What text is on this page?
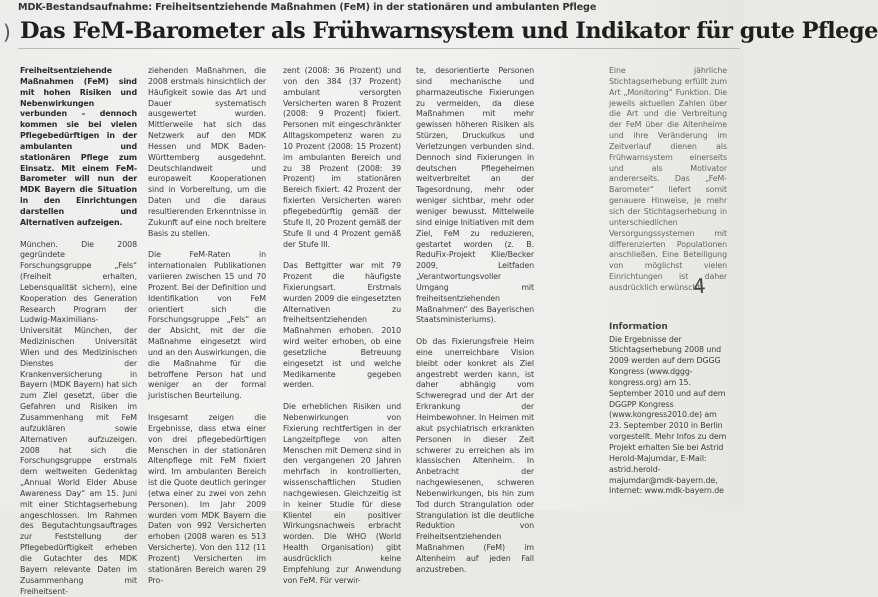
MDK-Bestandsaufnahme: Freiheitsentziehende Maßnahmen (FeM) in der stationären und ambulanten Pflege
) Das FeM-Barometer als Frühwarnsystem und Indikator für gute Pflege

Freiheitsentziehende Maßnahmen (FeM) sind mit hohen Risiken und Nebenwirkungen verbunden – dennoch kommen sie bei vielen Pflegebedürftigen in der ambulanten und stationären Pflege zum Einsatz. Mit einem FeM-Barometer will nun der MDK Bayern die Situation in den Einrichtungen darstellen und Alternativen aufzeigen.

München. Die 2008 gegründete Forschungsgruppe „Fels“ (Freiheit erhalten, Lebensqualität sichern), eine Kooperation des Generation Research Program der Ludwig-Maximilians-Universität München, der Medizinischen Universität Wien und des Medizinischen Dienstes der Krankenversicherung in Bayern (MDK Bayern) hat sich zum Ziel gesetzt, über die Gefahren und Risiken im Zusammenhang mit FeM aufzuklären sowie Alternativen aufzuzeigen. 2008 hat sich die Forschungsgruppe erstmals dem weltweiten Gedenktag „Annual World Elder Abuse Awareness Day“ am 15. Juni mit einer Stichtagserhebung angeschlossen. Im Rahmen des Begutachtungsauftrages zur Feststellung der Pflegebedürftigkeit erheben die Gutachter des MDK Bayern relevante Daten im Zusammenhang mit Freiheitsent-

ziehenden Maßnahmen, die 2008 erstmals hinsichtlich der Häufigkeit sowie das Art und Dauer systematisch ausgewertet wurden. Mittlerweile hat sich das Netzwerk auf den MDK Hessen und MDK Baden-Württemberg ausgedehnt. Deutschlandweit und europaweit Kooperationen sind in Vorbereitung, um die Daten und die daraus resultierenden Erkenntnisse in Zukunft auf eine noch breitere Basis zu stellen.

Die FeM-Raten in internationalen Publikationen variieren zwischen 15 und 70 Prozent. Bei der Definition und Identifikation von FeM orientiert sich die Forschungsgruppe „Fels“ an der Absicht, mit der die Maßnahme eingesetzt wird und an den Auswirkungen, die die Maßnahme für die betroffene Person hat und weniger an der formal juristischen Beurteilung.

Insgesamt zeigen die Ergebnisse, dass etwa einer von drei pflegebedürftigen Menschen in der stationären Altenpflege mit FeM fixiert wird. Im ambulanten Bereich ist die Quote deutlich geringer (etwa einer zu zwei von zehn Personen). Im Jahr 2009 wurden vom MDK Bayern die Daten von 992 Versicherten erhoben (2008 waren es 513 Versicherte). Von den 112 (11 Prozent) Versicherten im stationären Bereich waren 29 Pro-

zent (2008: 36 Prozent) und von den 384 (37 Prozent) ambulant versorgten Versicherten waren 8 Prozent (2008: 9 Prozent) fixiert. Personen mit eingeschränkter Alltagskompetenz waren zu 10 Prozent (2008: 15 Prozent) im ambulanten Bereich und zu 38 Prozent (2008: 39 Prozent) im stationären Bereich fixiert. 42 Prozent der fixierten Versicherten waren pflegebedürftig gemäß der Stufe II, 20 Prozent gemäß der Stufe II und 4 Prozent gemäß der Stufe III.

Das Bettgitter war mit 79 Prozent die häufigste Fixierungsart. Erstmals wurden 2009 die eingesetzten Alternativen zu freiheitsentziehenden Maßnahmen erhoben. 2010 wird weiter erhoben, ob eine gesetzliche Betreuung eingesetzt ist und welche Medikamente gegeben werden.

Die erheblichen Risiken und Nebenwirkungen von Fixierung rechtfertigen in der Langzeitpflege von alten Menschen mit Demenz sind in den vergangenen 20 Jahren mehrfach in kontrollierten, wissenschaftlichen Studien nachgewiesen. Gleichzeitig ist in keiner Studie für diese Klientel ein positiver Wirkungsnachweis erbracht worden. Die WHO (World Health Organisation) gibt ausdrücklich keine Empfehlung zur Anwendung von FeM. Für verwir-

te, desorientierte Personen sind mechanische und pharmazeutische Fixierungen zu vermeiden, da diese Maßnahmen mit mehr gewissen höheren Risiken als Stürzen, Druckulkus und Verletzungen verbunden sind. Dennoch sind Fixierungen in deutschen Pflegeheimen weitverbreitet an der Tagesordnung, mehr oder weniger sichtbar, mehr oder weniger bewusst. Mittelweile sind einige Initiativen mit dem Ziel, FeM zu reduzieren, gestartet worden (z. B. ReduFix-Projekt Klie/Becker 2009, Leitfaden „Verantwortungsvoller Umgang mit freiheitsentziehenden Maßnahmen“ des Bayerischen Staatsministeriums).

Ob das Fixierungsfreie Heim eine unerreichbare Vision bleibt oder konkret als Ziel angestrebt werden kann, ist daher abhängig vom Schweregrad und der Art der Erkrankung der Heimbewohner. In Heimen mit akut psychiatrisch erkrankten Personen in dieser Zeit schwerer zu erreichen als im klassischen Altenheim. In Anbetracht der nachgewiesenen, schweren Nebenwirkungen, bis hin zum Tod durch Strangulation oder Strangulation ist die deutliche Reduktion von Freiheitsentziehenden Maßnahmen (FeM) im Altenheim auf jeden Fall anzustreben.

Eine jährliche Stichtagserhebung erfüllt zum Art „Monitoring“ Funktion. Die jeweils aktuellen Zahlen über die Art und die Verbreitung der FeM über die Altenheime und ihre Veränderung im Zeitverlauf dienen als Frühwarnsystem einerseits und als Motivator andererseits. Das „FeM-Barometer“ liefert somit genauere Hinweise, je mehr sich der Stichtagserhebung in unterschiedlichen Versorgungssystemen mit differenzierten Populationen anschließen. Eine Beteiligung von möglichst vielen Einrichtungen ist daher ausdrücklich erwünscht.

Information

Die Ergebnisse der Stichtagserhebung 2008 und 2009 werden auf dem DGGG Kongress (www.dggg-kongress.org) am 15. September 2010 und auf dem DGGPP Kongress (www.kongress2010.de) am 23. September 2010 in Berlin vorgestellt. Mehr Infos zu dem Projekt erhalten Sie bei Astrid Herold-Majumdar, E-Mail: astrid.herold-majumdar@mdk-bayern.de, Internet: www.mdk-bayern.de

4
